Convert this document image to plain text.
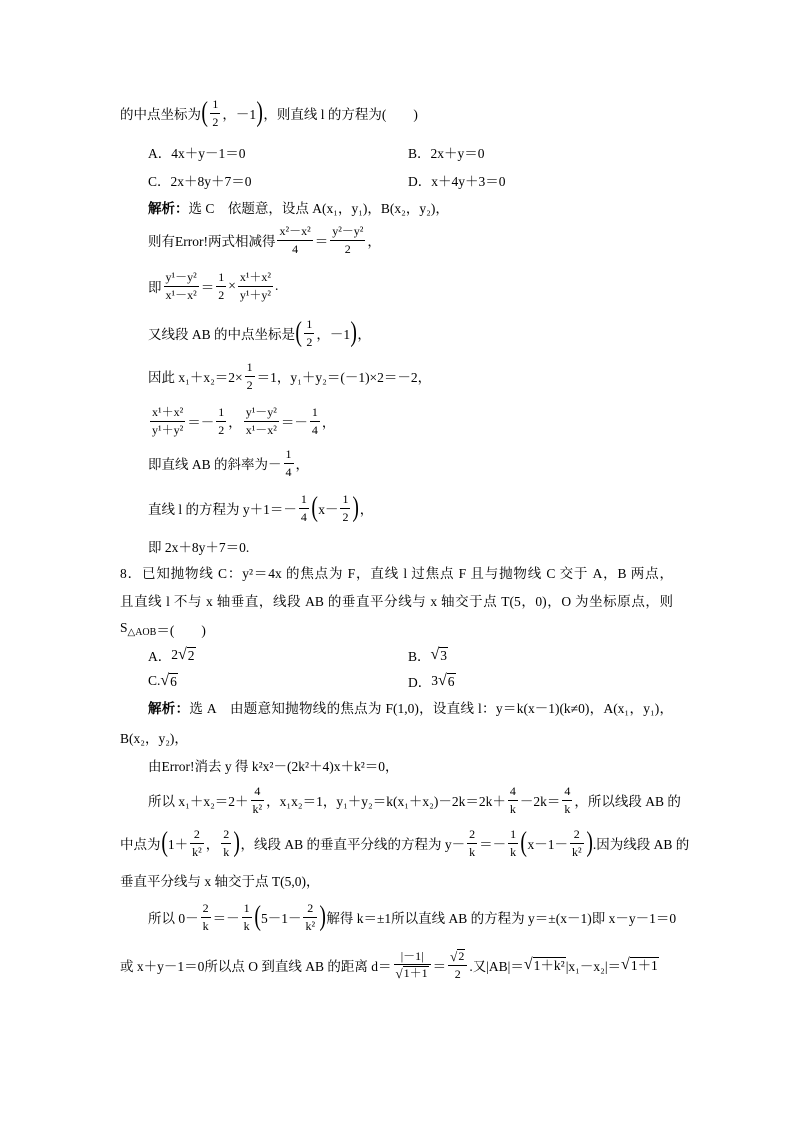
的中点坐标为 ( $\frac{1}{2}$ ，－1 ) ，则直线 l 的方程为(　　)
A．4x＋y－1＝0	B．2x＋y＝0
C．2x＋8y＋7＝0	D．x＋4y＋3＝0
解析： 选 C　依题意，设点 A(x₁，y₁)，B(x₂，y₂)，
则有Error!两式相减得 $\frac{\text{x²－x²}}{4} = \frac{\text{y²－y²}}{2}$ ，
即 $\frac{\text{y¹－y²}}{\text{x¹－x²}} = \frac{1}{2} \times \frac{\text{x¹＋x²}}{\text{y¹＋y²}}$ .
又线段 AB 的中点坐标是 ( $\frac{1}{2}$ ，－1 ) ，
因此 $x_1+x_2=2\times \frac{1}{2} =1$，y₁＋y₂＝(－1)×2＝－2，
$\frac{\text{x¹＋x²}}{\text{y¹＋y²}} =- \frac{1}{2}$ ， $\frac{\text{y¹－y²}}{\text{x¹－x²}} =- \frac{1}{4}$ ，
即直线 AB 的斜率为－ $\frac{1}{4}$ ，
直线 l 的方程为 $y+1=- \frac{1}{4}$ ( $x- \frac{1}{2}$ ) ，
即 2x＋8y＋7＝0.
8．已知抛物线 C：y²＝4x 的焦点为 F，直线 l 过焦点 F 且与抛物线 C 交于 A，B 两点，
且直线 l 不与 x 轴垂直，线段 AB 的垂直平分线与 x 轴交于点 T(5，0)，O 为坐标原点，则
$S_{\triangle AOB}$ ＝(　　)
A． 2 √ 2	B． √ 3
C. √ 6	D． 3 √ 6
解析：选 A　由题意知抛物线的焦点为 F(1,0)，设直线 l：y＝k(x－1)(k≠0)，A(x₁，y₁)，
B(x₂，y₂)，
由Error!消去 y 得 k²x²－(2k²＋4)x＋k²＝0，
所以 $x_1+x_2=2+ \frac{4}{\text{k²}}$ ，x₁x₂＝1，$y_1+y_2=k(x_1+x_2)-2k=2k+ \frac{4}{k} -2k= \frac{4}{k}$ ，所以线段 AB 的
中点为 ( $1+ \frac{2}{\text{k²}}$ ， $\frac{2}{k}$ ) ，线段 AB 的垂直平分线的方程为 $y- \frac{2}{k} =- \frac{1}{k}$ ( $x-1- \frac{2}{\text{k²}}$ ) .因为线段 AB 的
垂直平分线与 x 轴交于点 T(5,0)，
所以 $0- \frac{2}{k} =- \frac{1}{k}$ ( $5-1- \frac{2}{\text{k²}}$ ) 解得 k＝±1所以直线 AB 的方程为 y＝±(x－1)即 x－y－1＝0
或 x＋y－1＝0所以点 O 到直线 AB 的距离 $d= \frac{|-1|}{√ 1+1} = \frac{√ 2}{2}$ .又|AB|＝ √ 1＋k² |x₁－x₂|＝ √ 1＋1
